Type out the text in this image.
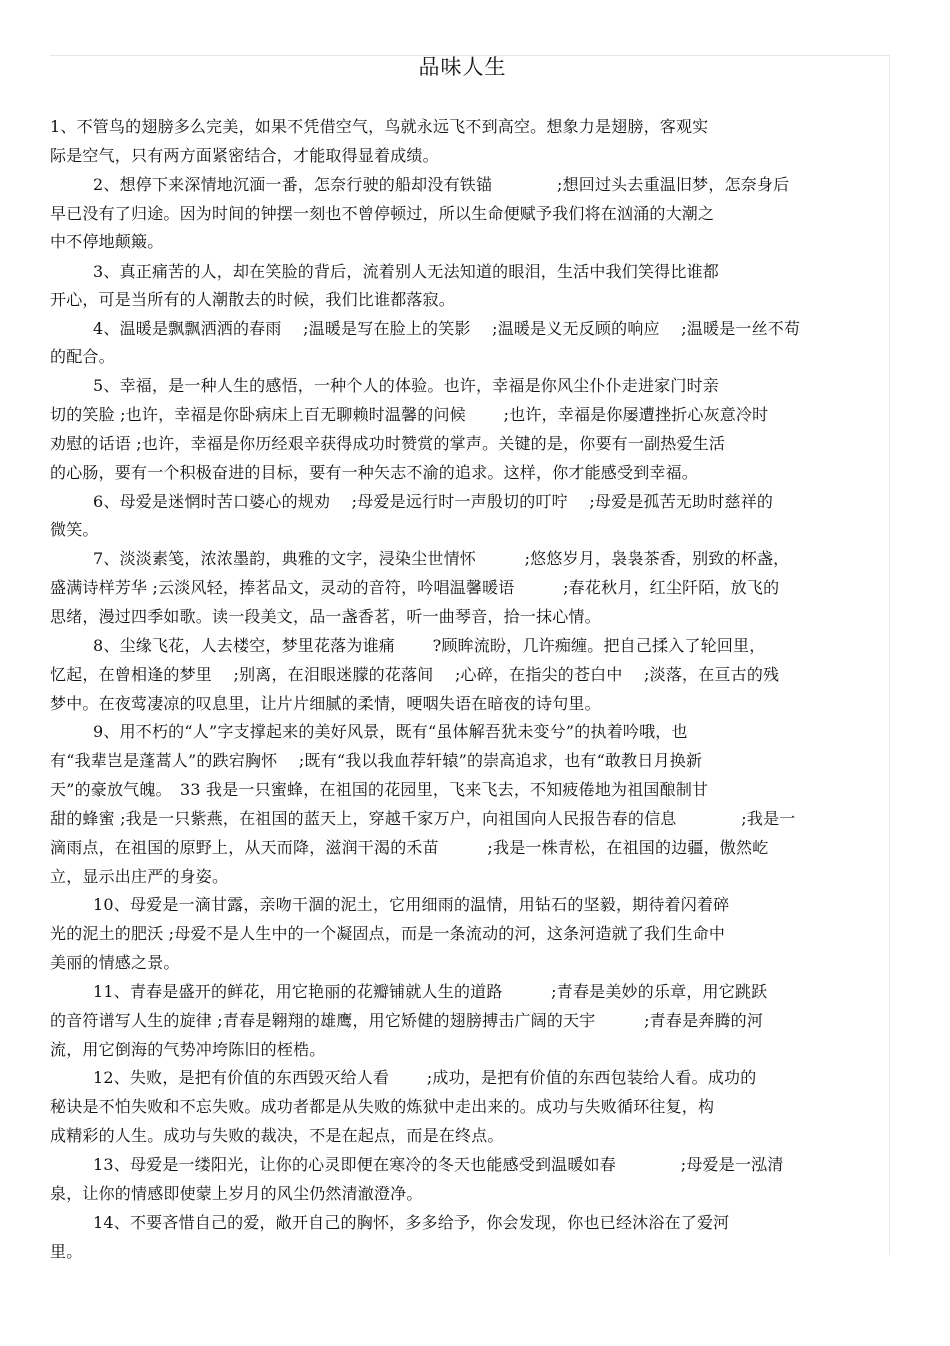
品味人生
1、不管鸟的翅膀多么完美，如果不凭借空气，鸟就永远飞不到高空。想象力是翅膀，客观实
际是空气，只有两方面紧密结合，才能取得显着成绩。
2、想停下来深情地沉湎一番，怎奈行驶的船却没有铁锚　　　　;想回过头去重温旧梦，怎奈身后
早已没有了归途。因为时间的钟摆一刻也不曾停顿过，所以生命便赋予我们将在汹涌的大潮之
中不停地颠簸。
3、真正痛苦的人，却在笑脸的背后，流着别人无法知道的眼泪，生活中我们笑得比谁都
开心，可是当所有的人潮散去的时候，我们比谁都落寂。
4、温暖是飘飘洒洒的春雨　 ;温暖是写在脸上的笑影　 ;温暖是义无反顾的响应　 ;温暖是一丝不苟
的配合。
5、幸福，是一种人生的感悟，一种个人的体验。也许，幸福是你风尘仆仆走进家门时亲
切的笑脸 ;也许，幸福是你卧病床上百无聊赖时温馨的问候　　 ;也许，幸福是你屡遭挫折心灰意冷时
劝慰的话语 ;也许，幸福是你历经艰辛获得成功时赞赏的掌声。关键的是，你要有一副热爱生活
的心肠，要有一个积极奋进的目标，要有一种矢志不渝的追求。这样，你才能感受到幸福。
6、母爱是迷惘时苦口婆心的规劝　 ;母爱是远行时一声殷切的叮咛　 ;母爱是孤苦无助时慈祥的
微笑。
7、淡淡素笺，浓浓墨韵，典雅的文字，浸染尘世情怀　　　;悠悠岁月，袅袅茶香，别致的杯盏，
盛满诗样芳华 ;云淡风轻，捧茗品文，灵动的音符，吟唱温馨暖语　　　;春花秋月，红尘阡陌，放飞的
思绪，漫过四季如歌。读一段美文，品一盏香茗，听一曲琴音，拾一抹心情。
8、尘缘飞花，人去楼空，梦里花落为谁痛　　 ?顾眸流盼，几许痴缠。把自己揉入了轮回里，
忆起，在曾相逢的梦里　 ;别离，在泪眼迷朦的花落间　 ;心碎，在指尖的苍白中　 ;淡落，在亘古的残
梦中。在夜莺凄凉的叹息里，让片片细腻的柔情，哽咽失语在暗夜的诗句里。
9、用不朽的“人”字支撑起来的美好风景，既有“虽体解吾犹未变兮”的执着吟哦，也
有“我辈岂是蓬蒿人”的跌宕胸怀　 ;既有“我以我血荐轩辕”的崇高追求，也有“敢教日月换新
天”的豪放气魄。　33 我是一只蜜蜂，在祖国的花园里，飞来飞去，不知疲倦地为祖国酿制甘
甜的蜂蜜 ;我是一只紫燕，在祖国的蓝天上，穿越千家万户，向祖国向人民报告春的信息　　　　;我是一
滴雨点，在祖国的原野上，从天而降，滋润干渴的禾苗　　　;我是一株青松，在祖国的边疆，傲然屹
立，显示出庄严的身姿。
10、母爱是一滴甘露，亲吻干涸的泥土，它用细雨的温情，用钻石的坚毅，期待着闪着碎
光的泥土的肥沃 ;母爱不是人生中的一个凝固点，而是一条流动的河，这条河造就了我们生命中
美丽的情感之景。
11、青春是盛开的鲜花，用它艳丽的花瓣铺就人生的道路　　　;青春是美妙的乐章，用它跳跃
的音符谱写人生的旋律 ;青春是翱翔的雄鹰，用它矫健的翅膀搏击广阔的天宇　　　;青春是奔腾的河
流，用它倒海的气势冲垮陈旧的桎梏。
12、失败，是把有价值的东西毁灭给人看　　 ;成功，是把有价值的东西包装给人看。成功的
秘诀是不怕失败和不忘失败。成功者都是从失败的炼狱中走出来的。成功与失败循环往复，构
成精彩的人生。成功与失败的裁决，不是在起点，而是在终点。
13、母爱是一缕阳光，让你的心灵即便在寒冷的冬天也能感受到温暖如春　　　　;母爱是一泓清
泉，让你的情感即使蒙上岁月的风尘仍然清澈澄净。
14、不要吝惜自己的爱，敞开自己的胸怀，多多给予，你会发现，你也已经沐浴在了爱河
里。
